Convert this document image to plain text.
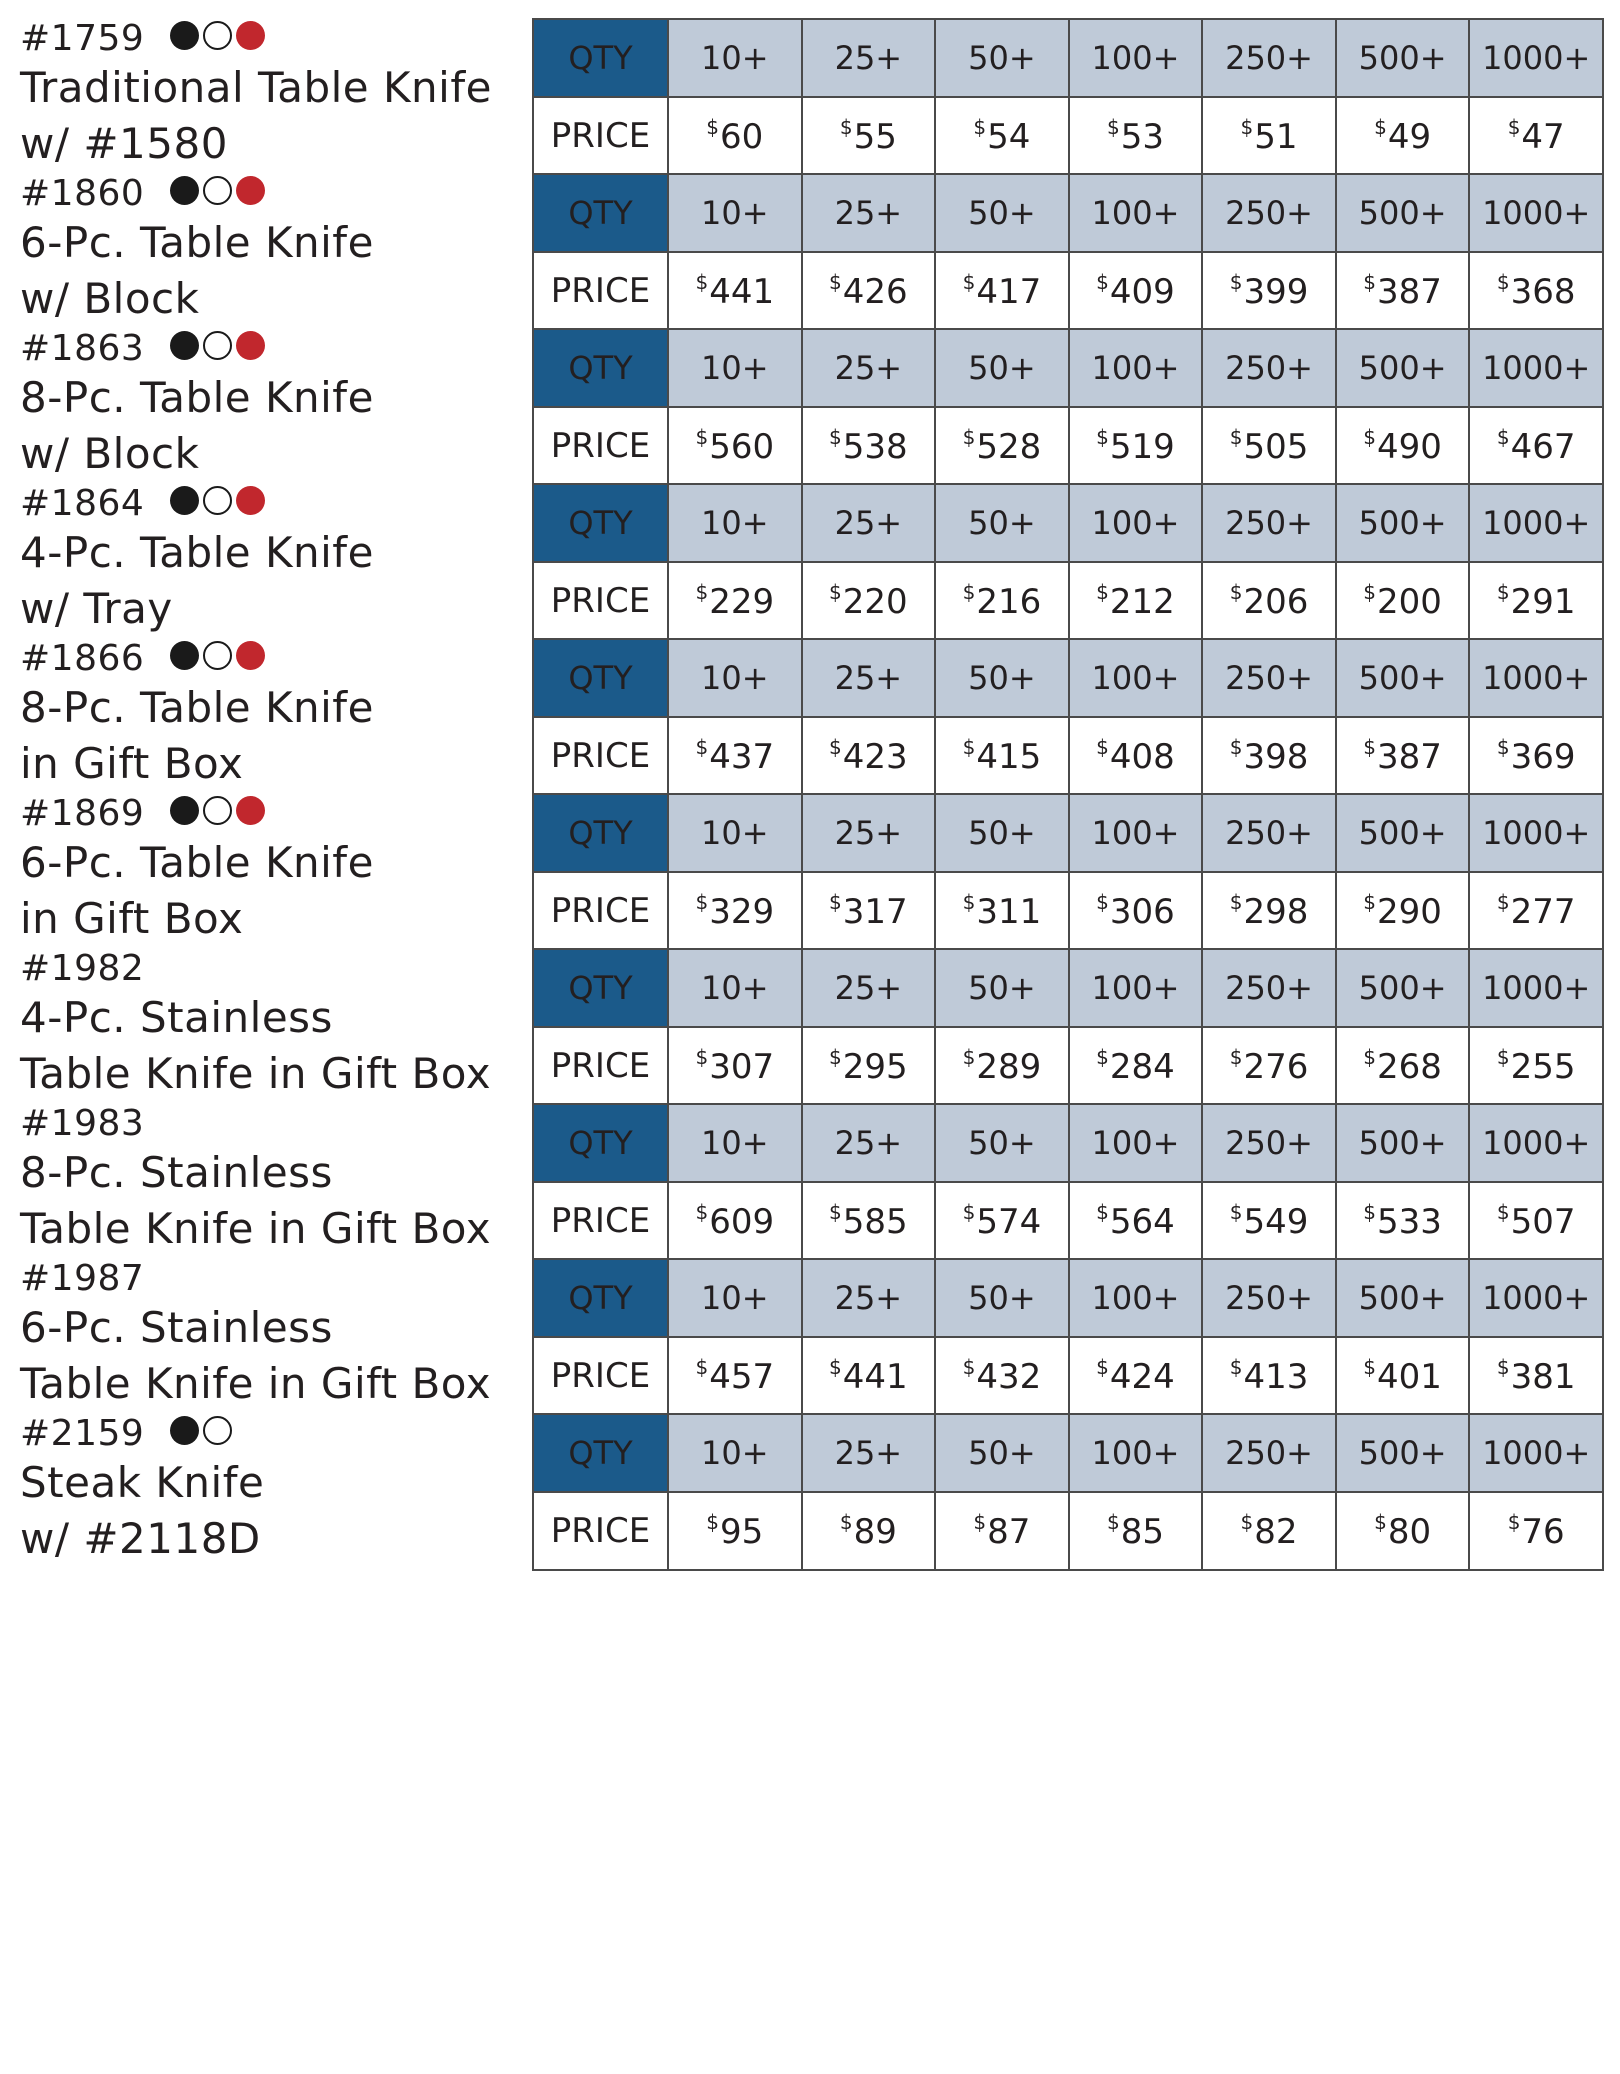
#1759
Traditional Table Knife
w/ #1580
QTY	10+	25+	50+	100+	250+	500+	1000+
PRICE	$60	$55	$54	$53	$51	$49	$47
#1860
6-Pc. Table Knife
w/ Block
QTY	10+	25+	50+	100+	250+	500+	1000+
PRICE	$441	$426	$417	$409	$399	$387	$368
#1863
8-Pc. Table Knife
w/ Block
QTY	10+	25+	50+	100+	250+	500+	1000+
PRICE	$560	$538	$528	$519	$505	$490	$467
#1864
4-Pc. Table Knife
w/ Tray
QTY	10+	25+	50+	100+	250+	500+	1000+
PRICE	$229	$220	$216	$212	$206	$200	$291
#1866
8-Pc. Table Knife
in Gift Box
QTY	10+	25+	50+	100+	250+	500+	1000+
PRICE	$437	$423	$415	$408	$398	$387	$369
#1869
6-Pc. Table Knife
in Gift Box
QTY	10+	25+	50+	100+	250+	500+	1000+
PRICE	$329	$317	$311	$306	$298	$290	$277
#1982
4-Pc. Stainless
Table Knife in Gift Box
QTY	10+	25+	50+	100+	250+	500+	1000+
PRICE	$307	$295	$289	$284	$276	$268	$255
#1983
8-Pc. Stainless
Table Knife in Gift Box
QTY	10+	25+	50+	100+	250+	500+	1000+
PRICE	$609	$585	$574	$564	$549	$533	$507
#1987
6-Pc. Stainless
Table Knife in Gift Box
QTY	10+	25+	50+	100+	250+	500+	1000+
PRICE	$457	$441	$432	$424	$413	$401	$381
#2159
Steak Knife
w/ #2118D
QTY	10+	25+	50+	100+	250+	500+	1000+
PRICE	$95	$89	$87	$85	$82	$80	$76
